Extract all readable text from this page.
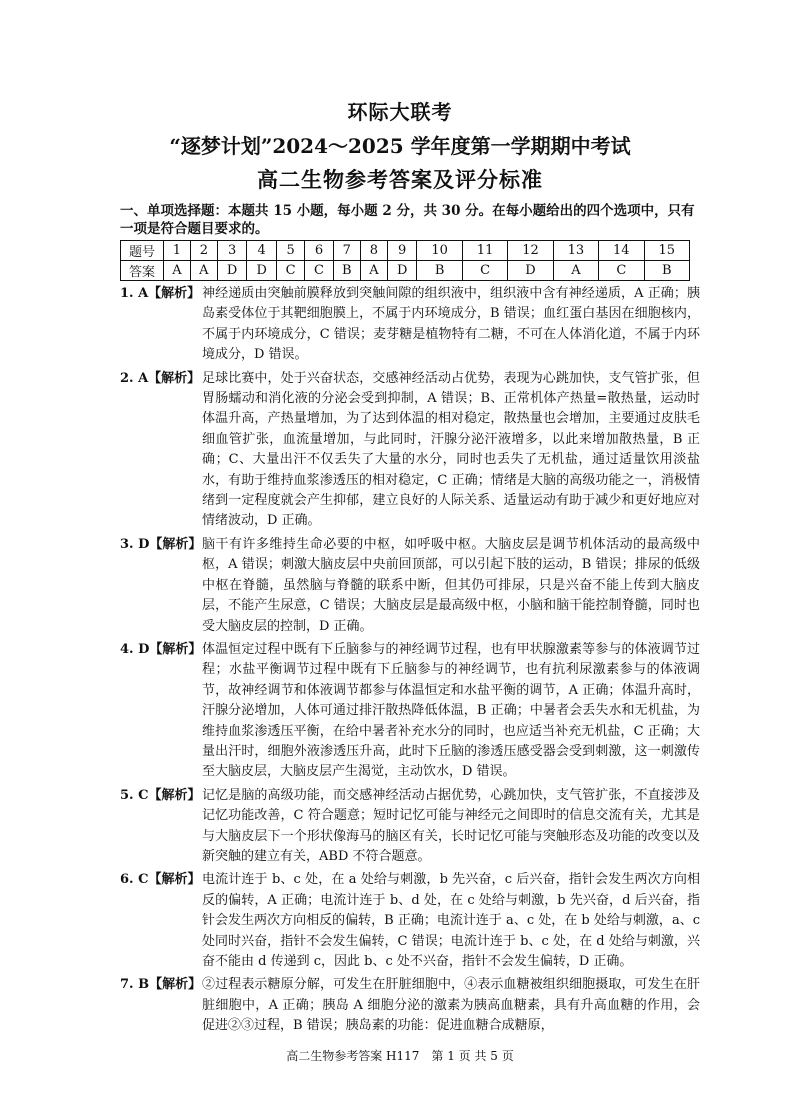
环际大联考
“逐梦计划”2024～2025 学年度第一学期期中考试
高二生物参考答案及评分标准
一、单项选择题：本题共 15 小题，每小题 2 分，共 30 分。在每小题给出的四个选项中，只有一项是符合题目要求的。
题号	1	2	3	4	5	6	7	8	9	10	11	12	13	14	15
答案	A	A	D	D	C	C	B	A	D	B	C	D	A	C	B
1. A【解析】 神经递质由突触前膜释放到突触间隙的组织液中，组织液中含有神经递质，A 正确；胰岛素受体位于其靶细胞膜上，不属于内环境成分，B 错误；血红蛋白基因在细胞核内，不属于内环境成分，C 错误；麦芽糖是植物特有二糖，不可在人体消化道，不属于内环境成分，D 错误。
2. A【解析】 足球比赛中，处于兴奋状态，交感神经活动占优势，表现为心跳加快，支气管扩张，但胃肠蠕动和消化液的分泌会受到抑制，A 错误；B、正常机体产热量=散热量，运动时体温升高，产热量增加，为了达到体温的相对稳定，散热量也会增加，主要通过皮肤毛细血管扩张，血流量增加，与此同时，汗腺分泌汗液增多，以此来增加散热量，B 正确；C、大量出汗不仅丢失了大量的水分，同时也丢失了无机盐，通过适量饮用淡盐水，有助于维持血浆渗透压的相对稳定，C 正确；情绪是大脑的高级功能之一，消极情绪到一定程度就会产生抑郁，建立良好的人际关系、适量运动有助于减少和更好地应对情绪波动，D 正确。
3. D【解析】 脑干有许多维持生命必要的中枢，如呼吸中枢。大脑皮层是调节机体活动的最高级中枢，A 错误；刺激大脑皮层中央前回顶部，可以引起下肢的运动，B 错误；排尿的低级中枢在脊髓，虽然脑与脊髓的联系中断，但其仍可排尿，只是兴奋不能上传到大脑皮层，不能产生尿意，C 错误；大脑皮层是最高级中枢，小脑和脑干能控制脊髓，同时也受大脑皮层的控制，D 正确。
4. D【解析】 体温恒定过程中既有下丘脑参与的神经调节过程，也有甲状腺激素等参与的体液调节过程；水盐平衡调节过程中既有下丘脑参与的神经调节，也有抗利尿激素参与的体液调节，故神经调节和体液调节都参与体温恒定和水盐平衡的调节，A 正确；体温升高时，汗腺分泌增加，人体可通过排汗散热降低体温，B 正确；中暑者会丢失水和无机盐，为维持血浆渗透压平衡，在给中暑者补充水分的同时，也应适当补充无机盐，C 正确；大量出汗时，细胞外液渗透压升高，此时下丘脑的渗透压感受器会受到刺激，这一刺激传至大脑皮层，大脑皮层产生渴觉，主动饮水，D 错误。
5. C【解析】 记忆是脑的高级功能，而交感神经活动占据优势，心跳加快，支气管扩张，不直接涉及记忆功能改善，C 符合题意；短时记忆可能与神经元之间即时的信息交流有关，尤其是与大脑皮层下一个形状像海马的脑区有关，长时记忆可能与突触形态及功能的改变以及新突触的建立有关，ABD 不符合题意。
6. C【解析】 电流计连于 b、c 处，在 a 处给与刺激，b 先兴奋，c 后兴奋，指针会发生两次方向相反的偏转，A 正确；电流计连于 b、d 处，在 c 处给与刺激，b 先兴奋，d 后兴奋，指针会发生两次方向相反的偏转，B 正确；电流计连于 a、c 处，在 b 处给与刺激，a、c 处同时兴奋，指针不会发生偏转，C 错误；电流计连于 b、c 处，在 d 处给与刺激，兴奋不能由 d 传递到 c，因此 b、c 处不兴奋，指针不会发生偏转，D 正确。
7. B【解析】 ②过程表示糖原分解，可发生在肝脏细胞中，④表示血糖被组织细胞摄取，可发生在肝脏细胞中，A 正确；胰岛 A 细胞分泌的激素为胰高血糖素，具有升高血糖的作用，会促进②③过程，B 错误；胰岛素的功能：促进血糖合成糖原，
高二生物参考答案 H117　第 1 页 共 5 页
